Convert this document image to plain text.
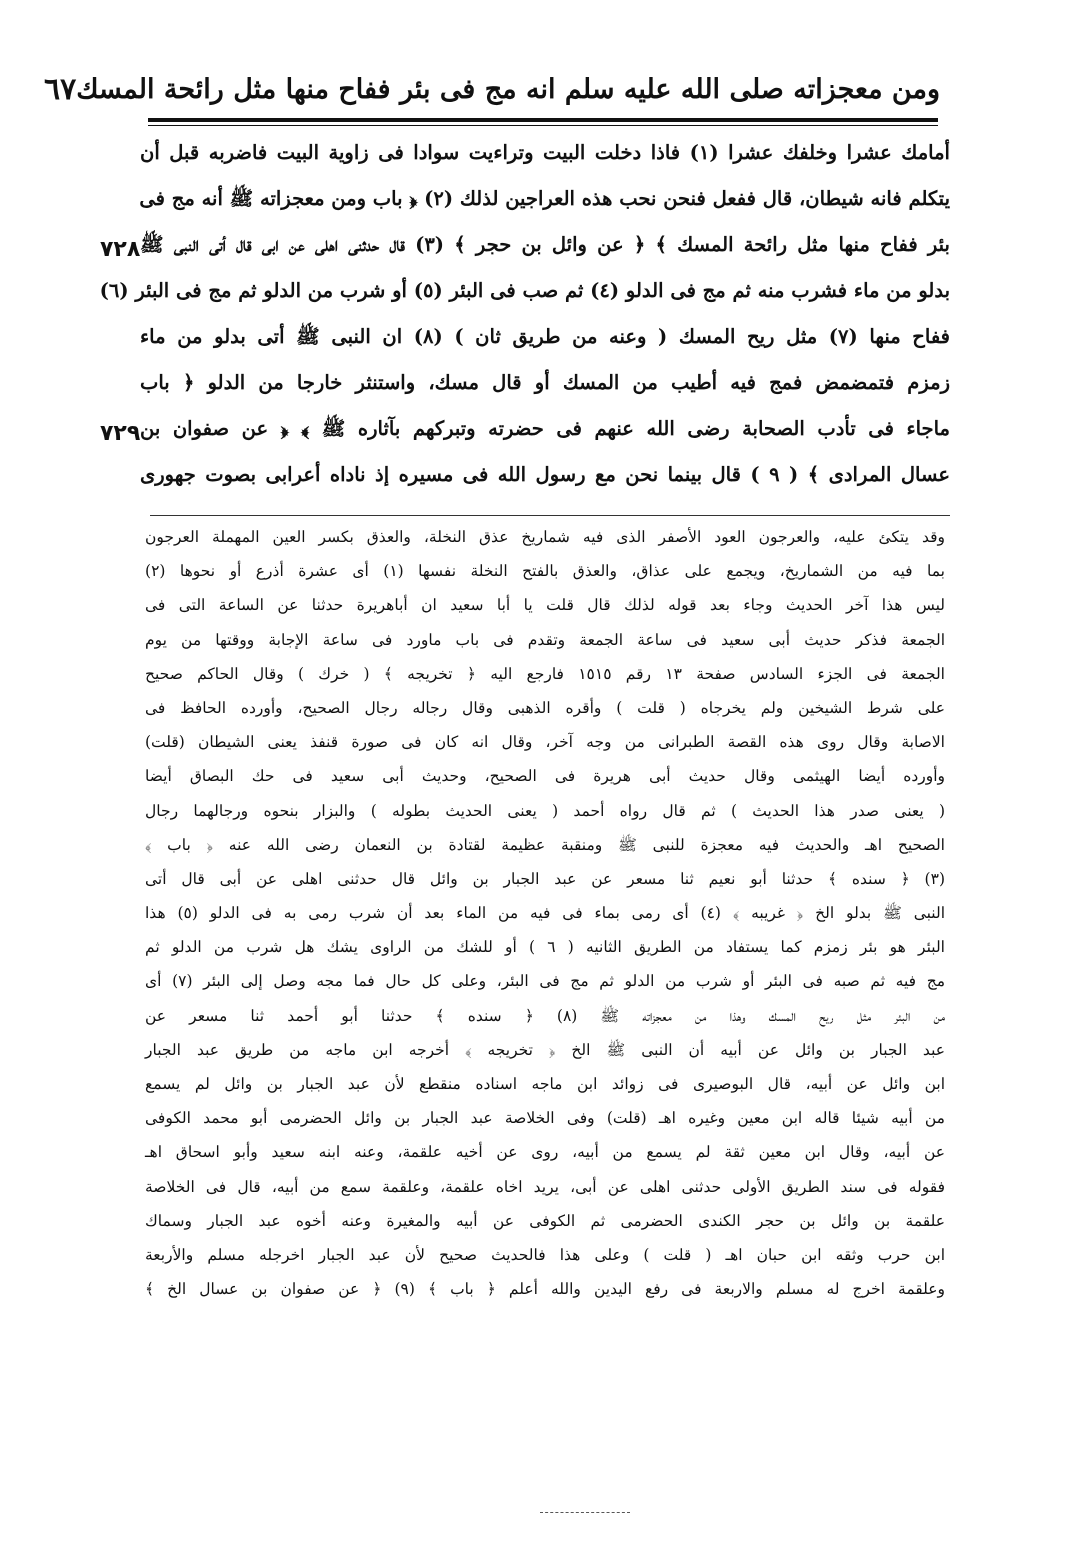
ومن معجزاته صلى الله عليه سلم انه مج فى بئر ففاح منها مثل رائحة المسك
٦٧
٧٢٨
٧٢٩
أمامك عشرا وخلفك عشرا (١) فاذا دخلت البيت وتراءيت سوادا فى زاوية البيت فاضربه قبل أن
يتكلم فانه شيطان، قال ففعل فنحن نحب هذه العراجين لذلك (٢) ﴿ باب ومن معجزاته ﷺ أنه مج فى
بئر ففاح منها مثل رائحة المسك ﴾ ﴿ عن وائل بن حجر ﴾ (٣) قال حدثنى اهلى عن ابى قال أتى النبى ﷺ
بدلو من ماء فشرب منه ثم مج فى الدلو (٤) ثم صب فى البئر (٥) أو شرب من الدلو ثم مج فى البئر (٦)
ففاح منها (٧) مثل ريح المسك ( وعنه من طريق ثان ) (٨) ان النبى ﷺ أتى بدلو من ماء
زمزم فتمضمض فمج فيه أطيب من المسك أو قال مسك، واستنثر خارجا من الدلو ﴿ باب
ماجاء فى تأدب الصحابة رضى الله عنهم فى حضرته وتبركهم بآثاره ﷺ ﴾ ﴿ عن صفوان بن
عسال المرادى ﴾ ( ٩ ) قال بينما نحن مع رسول الله فى مسيره إذ ناداه أعرابى بصوت جهورى
وقد يتكئ عليه، والعرجون العود الأصفر الذى فيه شماريخ عذق النخلة، والعذق بكسر العين المهملة العرجون
بما فيه من الشماريخ، ويجمع على عذاق، والعذق بالفتح النخلة نفسها (١) أى عشرة أذرع أو نحوها (٢)
ليس هذا آخر الحديث وجاء بعد قوله لذلك قال قلت يا أبا سعيد ان أباهريرة حدثنا عن الساعة التى فى
الجمعة فذكر حديث أبى سعيد فى ساعة الجمعة وتقدم فى باب ماورد فى ساعة الإجابة ووقتها من يوم
الجمعة فى الجزء السادس صفحة ١٣ رقم ١٥١٥ فارجع اليه ﴿ تخريجه ﴾ ( خرك ) وقال الحاكم صحيح
على شرط الشيخين ولم يخرجاه ( قلت ) وأقره الذهبى وقال رجاله رجال الصحيح، وأورده الحافظ فى
الاصابة وقال روى هذه القصة الطبرانى من وجه آخر، وقال انه كان فى صورة قنفذ يعنى الشيطان (قلت)
وأورده أيضا الهيثمى وقال حديث أبى هريرة فى الصحيح، وحديث أبى سعيد فى حك البصاق أيضا
( يعنى صدر هذا الحديث ) ثم قال رواه أحمد ( يعنى الحديث بطوله ) والبزار بنحوه ورجالهما رجال
الصحيح اهـ والحديث فيه معجزة للنبى ﷺ ومنقبة عظيمة لقتادة بن النعمان رضى الله عنه ﴿ باب ﴾
(٣) ﴿ سنده ﴾ حدثنا أبو نعيم ثنا مسعر عن عبد الجبار بن وائل قال حدثنى اهلى عن أبى قال أتى
النبى ﷺ بدلو الخ ﴿ غريبه ﴾ (٤) أى رمى بماء فى فيه من الماء بعد أن شرب رمى به فى الدلو (٥) هذا
البئر هو بئر زمزم كما يستفاد من الطريق الثانيه ( ٦ ) أو للشك من الراوى يشك هل شرب من الدلو ثم
مج فيه ثم صبه فى البئر أو شرب من الدلو ثم مج فى البئر، وعلى كل حال فما مجه وصل إلى البئر (٧) أى
من البئر مثل ريح المسك وهذا من معجزاته ﷺ (٨) ﴿ سنده ﴾ حدثنا أبو أحمد ثنا مسعر عن
عبد الجبار بن وائل عن أبيه أن النبى ﷺ الخ ﴿ تخريجه ﴾ أخرجه ابن ماجه من طريق عبد الجبار
ابن وائل عن أبيه، قال البوصيرى فى زوائد ابن ماجه اسناده منقطع لأن عبد الجبار بن وائل لم يسمع
من أبيه شيئا قاله ابن معين وغيره اهـ (قلت) وفى الخلاصة عبد الجبار بن وائل الحضرمى أبو محمد الكوفى
عن أبيه، وقال ابن معين ثقة لم يسمع من أبيه، روى عن أخيه علقمة، وعنه ابنه سعيد وأبو اسحاق اهـ
فقوله فى سند الطريق الأولى حدثنى اهلى عن أبى، يريد اخاه علقمة، وعلقمة سمع من أبيه، قال فى الخلاصة
علقمة بن وائل بن حجر الكندى الحضرمى ثم الكوفى عن أبيه والمغيرة وعنه أخوه عبد الجبار وسماك
ابن حرب وثقه ابن حبان اهـ ( قلت ) وعلى هذا فالحديث صحيح لأن عبد الجبار اخرجله مسلم والأربعة
وعلقمة اخرج له مسلم والاربعة فى رفع اليدين والله أعلم ﴿ باب ﴾ (٩) ﴿ عن صفوان بن عسال الخ ﴾
